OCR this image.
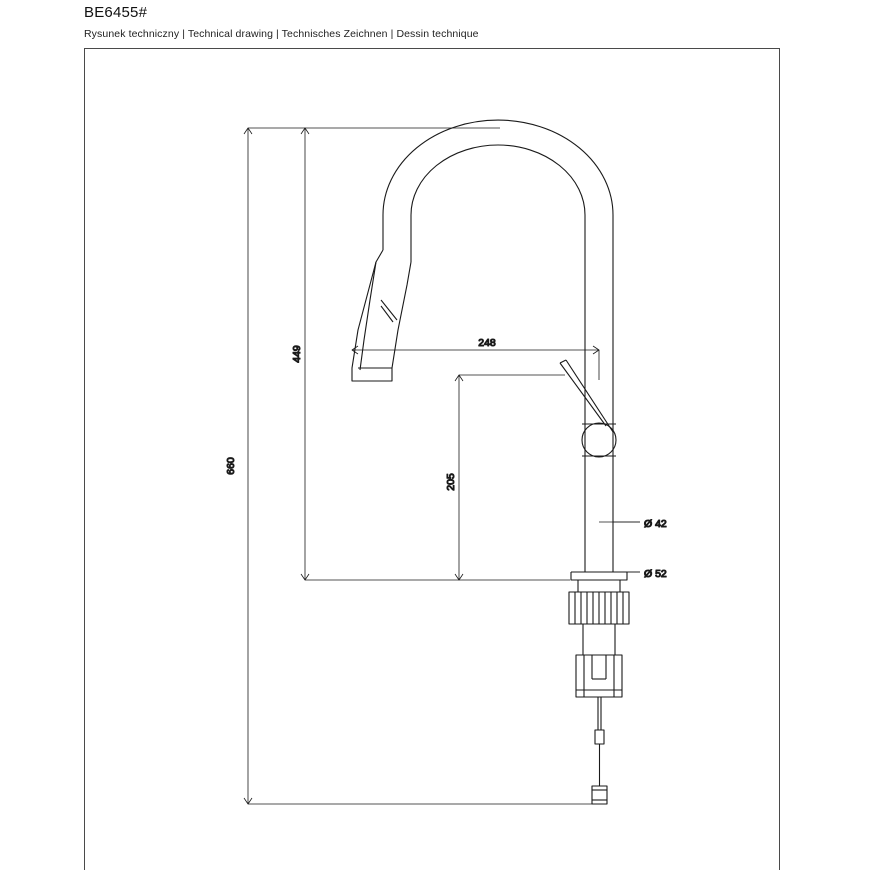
BE6455#
Rysunek techniczny | Technical drawing | Technisches Zeichnen | Dessin technique
660
449
205
248
Ø 42
Ø 52
